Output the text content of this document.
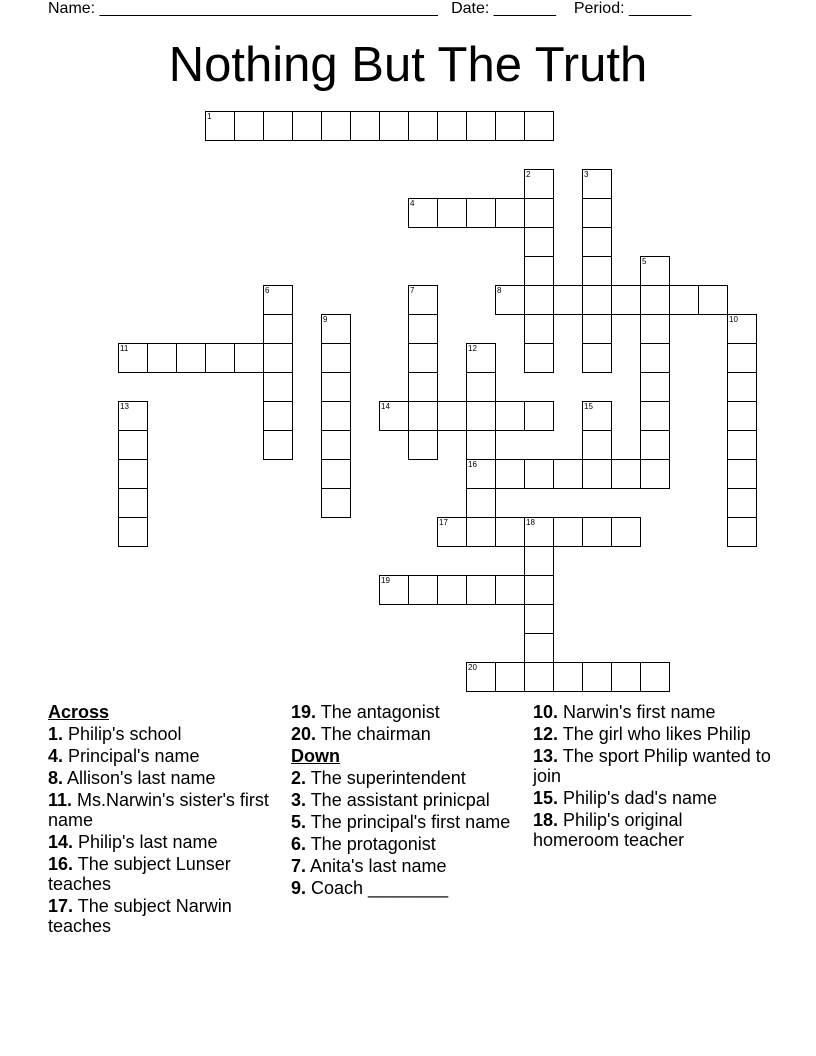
Name: ______________________________________ Date: _______ Period: _______
Nothing But The Truth
1
2	3
4
5
6	7	8
9	10
11	12
16
13	14	15
17	18
19
20
Across
1. Philip's school
4. Principal's name
8. Allison's last name
11. Ms.Narwin's sister's first name
14. Philip's last name
16. The subject Lunser teaches
17. The subject Narwin teaches
19. The antagonist
20. The chairman
Down
2. The superintendent
3. The assistant prinicpal
5. The principal's first name
6. The protagonist
7. Anita's last name
9. Coach ________
10. Narwin's first name
12. The girl who likes Philip
13. The sport Philip wanted to join
15. Philip's dad's name
18. Philip's original homeroom teacher
